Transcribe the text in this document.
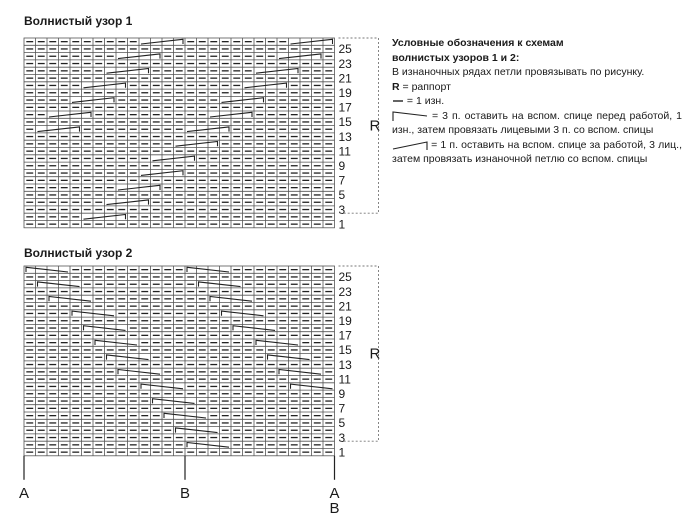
Волнистый узор 1
Волнистый узор 2
25
23
21
19
17
15
13
11
9
7
5
3
1
R
25
23
21
19
17
15
13
11
9
7
5
3
1
R
A	B	A
B
Условные обозначения к схемам
волнистых узоров 1 и 2:

В изнаночных рядах петли провязывать по рисунку.

R = раппорт

= 1 изн.

= 3 п. оставить на вспом. спице перед работой, 1 изн., затем провязать лицевыми 3 п. со вспом. спицы

= 1 п. оставить на вспом. спице за работой, 3 лиц., затем провязать изнаночной петлю со вспом. спицы
